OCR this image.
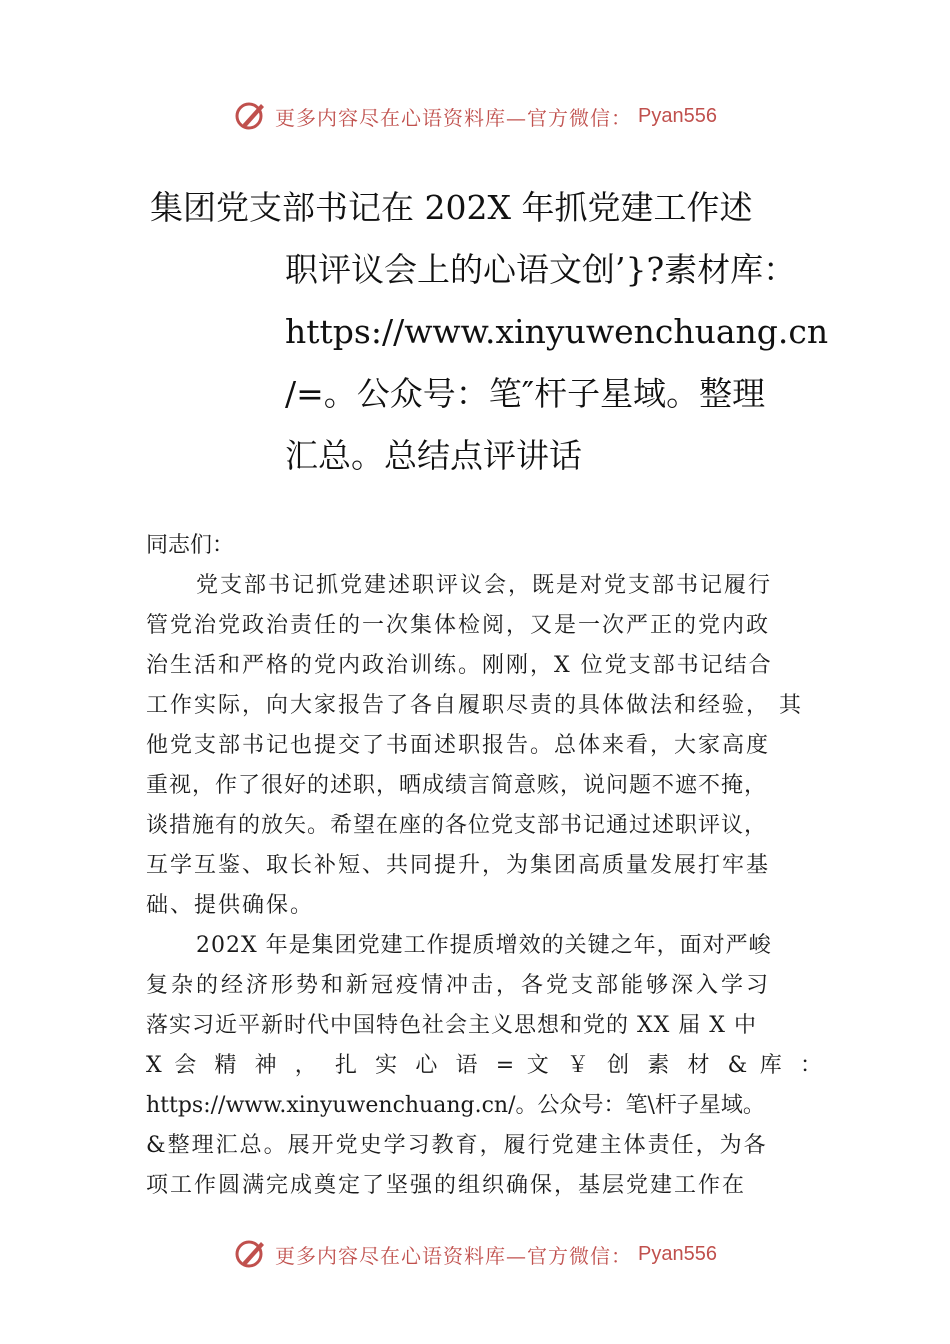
更多内容尽在心语资料库—官方微信： Pyan556
集团党支部书记在 202X 年抓党建工作述
职评议会上的心语文创’}?素材库：
https://www.xinyuwenchuang.cn
/=。公众号：笔″杆子星域。整理
汇总。总结点评讲话
同志们：
党支部书记抓党建述职评议会，既是对党支部书记履行
管党治党政治责任的一次集体检阅，又是一次严正的党内政
治生活和严格的党内政治训练。刚刚，X 位党支部书记结合
工作实际，向大家报告了各自履职尽责的具体做法和经验， 其
他党支部书记也提交了书面述职报告。总体来看，大家高度
重视，作了很好的述职，晒成绩言简意赅，说问题不遮不掩，
谈措施有的放矢。希望在座的各位党支部书记通过述职评议，
互学互鉴、取长补短、共同提升，为集团高质量发展打牢基
础、提供确保。
202X 年是集团党建工作提质增效的关键之年，面对严峻
复杂的经济形势和新冠疫情冲击，各党支部能够深入学习
落实习近平新时代中国特色社会主义思想和党的 XX 届 X 中
X 会 精 神 ， 扎 实 心 语 = 文 ￥ 创 素 材 & 库 ：
https://www.xinyuwenchuang.cn/。公众号：笔\杆子星域。
&整理汇总。展开党史学习教育，履行党建主体责任，为各
项工作圆满完成奠定了坚强的组织确保，基层党建工作在
更多内容尽在心语资料库—官方微信： Pyan556
